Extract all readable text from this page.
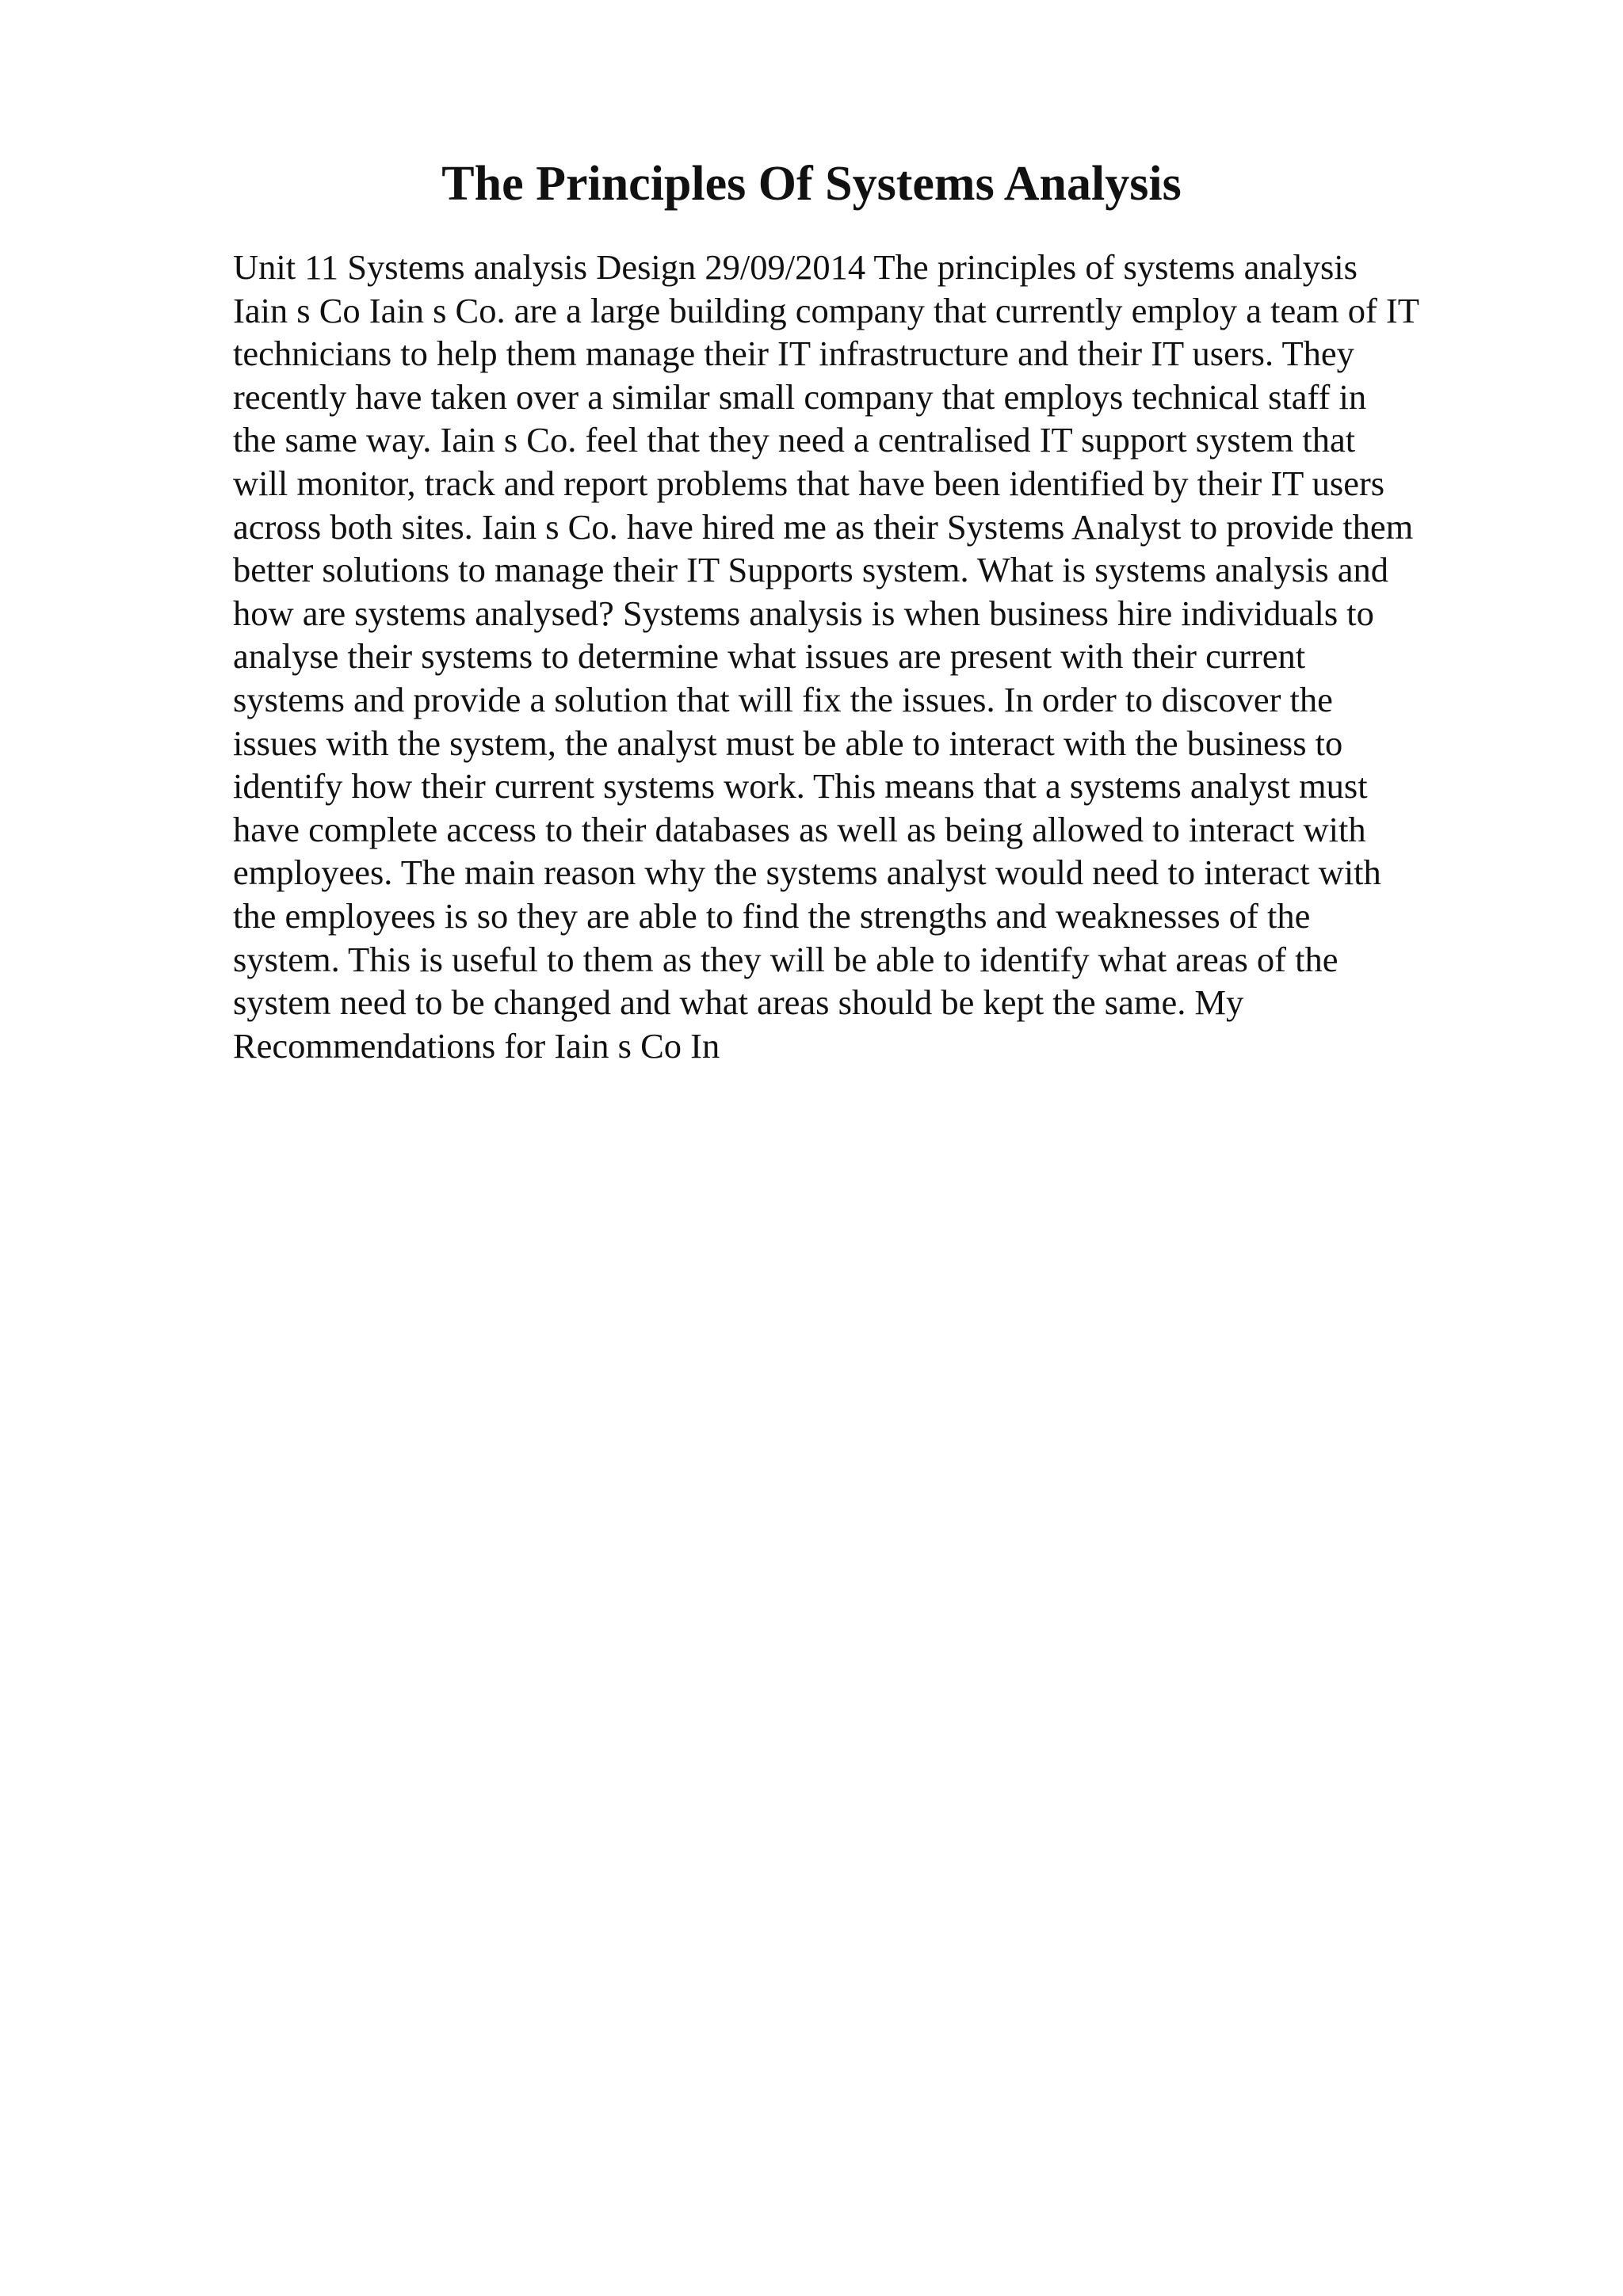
The Principles Of Systems Analysis
Unit 11 Systems analysis Design 29/09/2014 The principles of systems analysis
Iain s Co Iain s Co. are a large building company that currently employ a team of IT
technicians to help them manage their IT infrastructure and their IT users. They
recently have taken over a similar small company that employs technical staff in
the same way. Iain s Co. feel that they need a centralised IT support system that
will monitor, track and report problems that have been identified by their IT users
across both sites. Iain s Co. have hired me as their Systems Analyst to provide them
better solutions to manage their IT Supports system. What is systems analysis and
how are systems analysed? Systems analysis is when business hire individuals to
analyse their systems to determine what issues are present with their current
systems and provide a solution that will fix the issues. In order to discover the
issues with the system, the analyst must be able to interact with the business to
identify how their current systems work. This means that a systems analyst must
have complete access to their databases as well as being allowed to interact with
employees. The main reason why the systems analyst would need to interact with
the employees is so they are able to find the strengths and weaknesses of the
system. This is useful to them as they will be able to identify what areas of the
system need to be changed and what areas should be kept the same. My
Recommendations for Iain s Co In
